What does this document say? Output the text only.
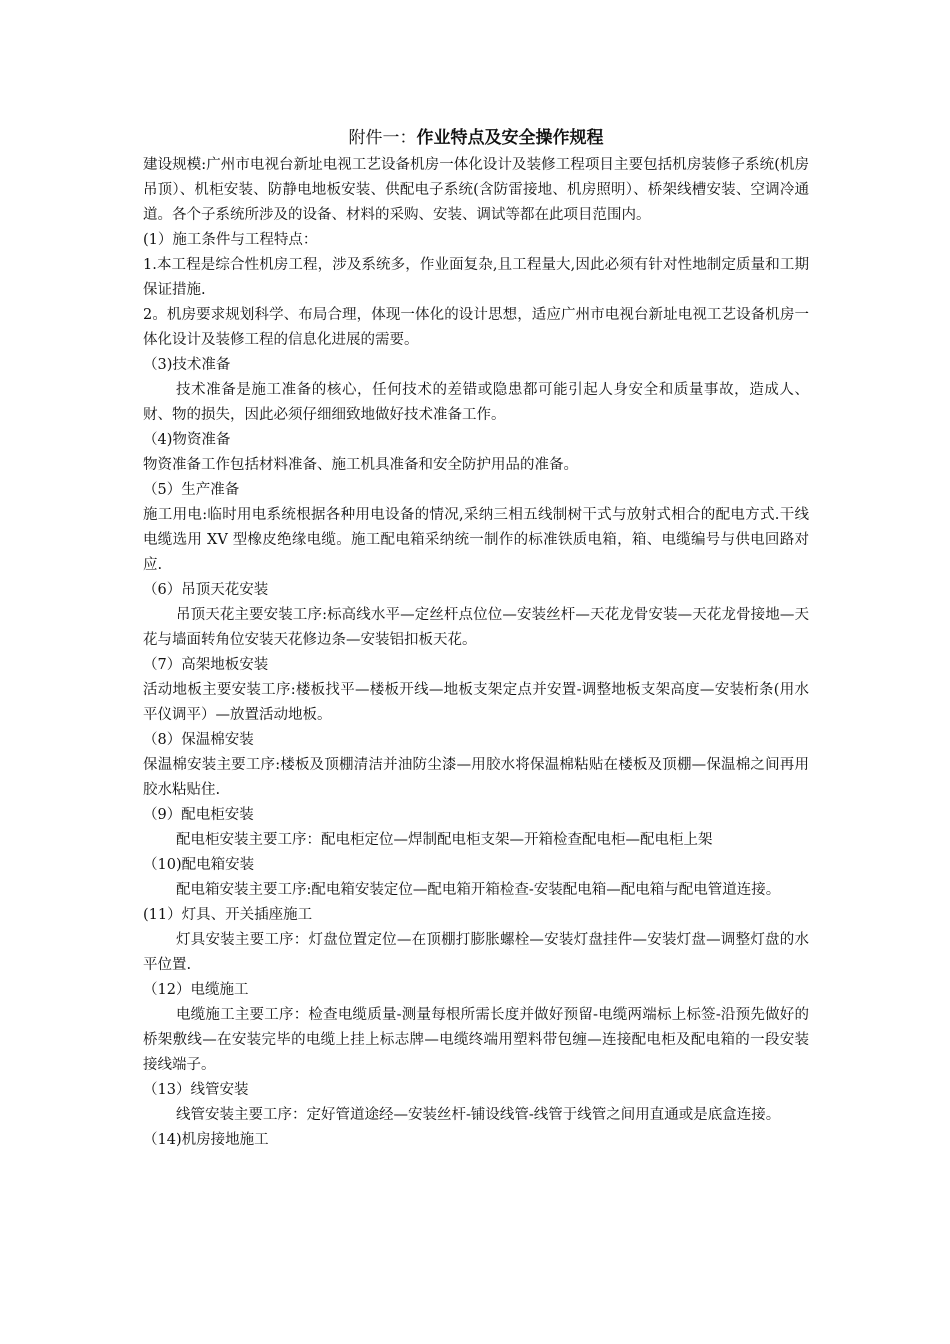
附件一：作业特点及安全操作规程

建设规模:广州市电视台新址电视工艺设备机房一体化设计及装修工程项目主要包括机房装修子系统(机房吊顶）、机柜安装、防静电地板安装、供配电子系统(含防雷接地、机房照明）、桥架线槽安装、空调冷通道。各个子系统所涉及的设备、材料的采购、安装、调试等都在此项目范围内。

(1）施工条件与工程特点：

1.本工程是综合性机房工程，涉及系统多，作业面复杂,且工程量大,因此必须有针对性地制定质量和工期保证措施.

2。机房要求规划科学、布局合理，体现一体化的设计思想，适应广州市电视台新址电视工艺设备机房一体化设计及装修工程的信息化进展的需要。

（3)技术准备

技术准备是施工准备的核心，任何技术的差错或隐患都可能引起人身安全和质量事故，造成人、财、物的损失，因此必须仔细细致地做好技术准备工作。

（4)物资准备

物资准备工作包括材料准备、施工机具准备和安全防护用品的准备。

（5）生产准备

施工用电:临时用电系统根据各种用电设备的情况,采纳三相五线制树干式与放射式相合的配电方式.干线电缆选用 XV 型橡皮绝缘电缆。施工配电箱采纳统一制作的标准铁质电箱，箱、电缆编号与供电回路对应.

（6）吊顶天花安装

吊顶天花主要安装工序:标高线水平—定丝杆点位位—安装丝杆—天花龙骨安装—天花龙骨接地—天花与墙面转角位安装天花修边条—安装铝扣板天花。

（7）高架地板安装

活动地板主要安装工序:楼板找平—楼板开线—地板支架定点并安置-调整地板支架高度—安装桁条(用水平仪调平）—放置活动地板。

（8）保温棉安装

保温棉安装主要工序:楼板及顶棚清洁并油防尘漆—用胶水将保温棉粘贴在楼板及顶棚—保温棉之间再用胶水粘贴住.

（9）配电柜安装

配电柜安装主要工序：配电柜定位—焊制配电柜支架—开箱检查配电柜—配电柜上架

（10)配电箱安装

配电箱安装主要工序:配电箱安装定位—配电箱开箱检查-安装配电箱—配电箱与配电管道连接。

(11）灯具、开关插座施工

灯具安装主要工序：灯盘位置定位—在顶棚打膨胀螺栓—安装灯盘挂件—安装灯盘—调整灯盘的水平位置.

（12）电缆施工

电缆施工主要工序：检查电缆质量-测量每根所需长度并做好预留-电缆两端标上标签-沿预先做好的桥架敷线—在安装完毕的电缆上挂上标志牌—电缆终端用塑料带包缠—连接配电柜及配电箱的一段安装接线端子。

（13）线管安装

线管安装主要工序：定好管道途经—安装丝杆-铺设线管-线管于线管之间用直通或是底盒连接。

（14)机房接地施工
